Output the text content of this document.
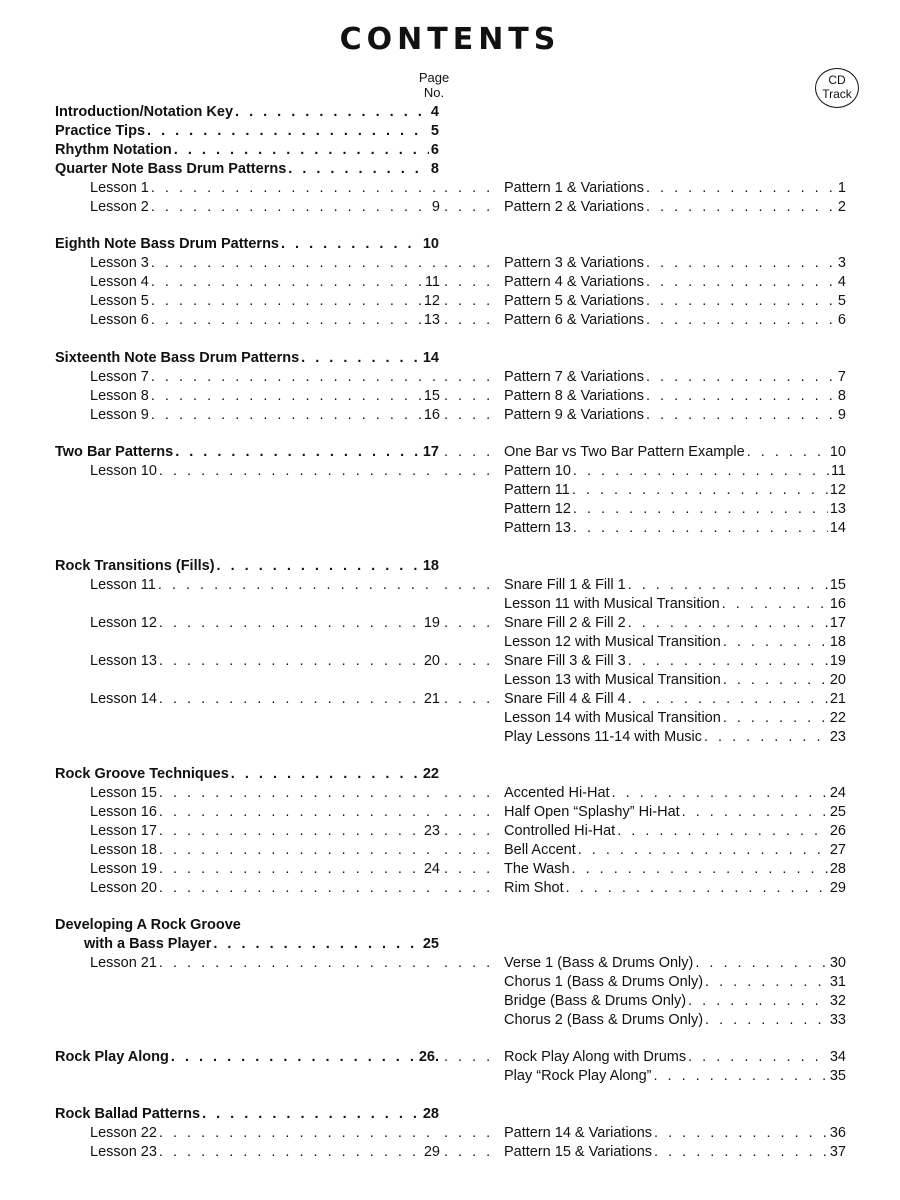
CONTENTS
Page
No.
CD
Track
Introduction/Notation Key . . .	4
Practice Tips . . .	5
Rhythm Notation . . .	6
Quarter Note Bass Drum Patterns . . .	8
Lesson 1 . . . . . .	Pattern 1 & Variations . . .	1
Lesson 2 . . .	9 . . .	Pattern 2 & Variations . . .	2
Eighth Note Bass Drum Patterns . . .	10
Lesson 3 . . . . . .	Pattern 3 & Variations . . .	3
Lesson 4 . . .	11 . . .	Pattern 4 & Variations . . .	4
Lesson 5 . . .	12 . . .	Pattern 5 & Variations . . .	5
Lesson 6 . . .	13 . . .	Pattern 6 & Variations . . .	6
Sixteenth Note Bass Drum Patterns . . .	14
Lesson 7 . . . . . .	Pattern 7 & Variations . . .	7
Lesson 8 . . .	15 . . .	Pattern 8 & Variations . . .	8
Lesson 9 . . .	16 . . .	Pattern 9 & Variations . . .	9
Two Bar Patterns . . .	17 . . .	One Bar vs Two Bar Pattern Example . . .	10
Lesson 10 . . . . . .	Pattern 10 . . .	11
Pattern 11 . . .	12
Pattern 12 . . .	13
Pattern 13 . . .	14
Rock Transitions (Fills) . . .	18
Lesson 11 . . . . . .	Snare Fill 1 & Fill 1 . . .	15
Lesson 11 with Musical Transition . . .	16
Lesson 12 . . .	19 . . .	Snare Fill 2 & Fill 2 . . .	17
Lesson 12 with Musical Transition . . .	18
Lesson 13 . . .	20 . . .	Snare Fill 3 & Fill 3 . . .	19
Lesson 13 with Musical Transition . . .	20
Lesson 14 . . .	21 . . .	Snare Fill 4 & Fill 4 . . .	21
Lesson 14 with Musical Transition . . .	22
Play Lessons 11-14 with Music . . .	23
Rock Groove Techniques . . .	22
Lesson 15 . . . . . .	Accented Hi-Hat . . .	24
Lesson 16 . . . . . .	Half Open “Splashy” Hi-Hat . . .	25
Lesson 17 . . .	23 . . .	Controlled Hi-Hat . . .	26
Lesson 18 . . . . . .	Bell Accent . . .	27
Lesson 19 . . .	24 . . .	The Wash . . .	28
Lesson 20 . . . . . .	Rim Shot . . .	29
Developing A Rock Groove
with a Bass Player . . .	25
Lesson 21 . . . . . .	Verse 1 (Bass & Drums Only) . . .	30
Chorus 1 (Bass & Drums Only) . . .	31
Bridge (Bass & Drums Only) . . .	32
Chorus 2 (Bass & Drums Only) . . .	33
Rock Play Along . . .	26. . . .	Rock Play Along with Drums . . .	34
Play “Rock Play Along” . . .	35
Rock Ballad Patterns . . .	28
Lesson 22 . . . . . .	Pattern 14 & Variations . . .	36
Lesson 23 . . .	29 . . .	Pattern 15 & Variations . . .	37
